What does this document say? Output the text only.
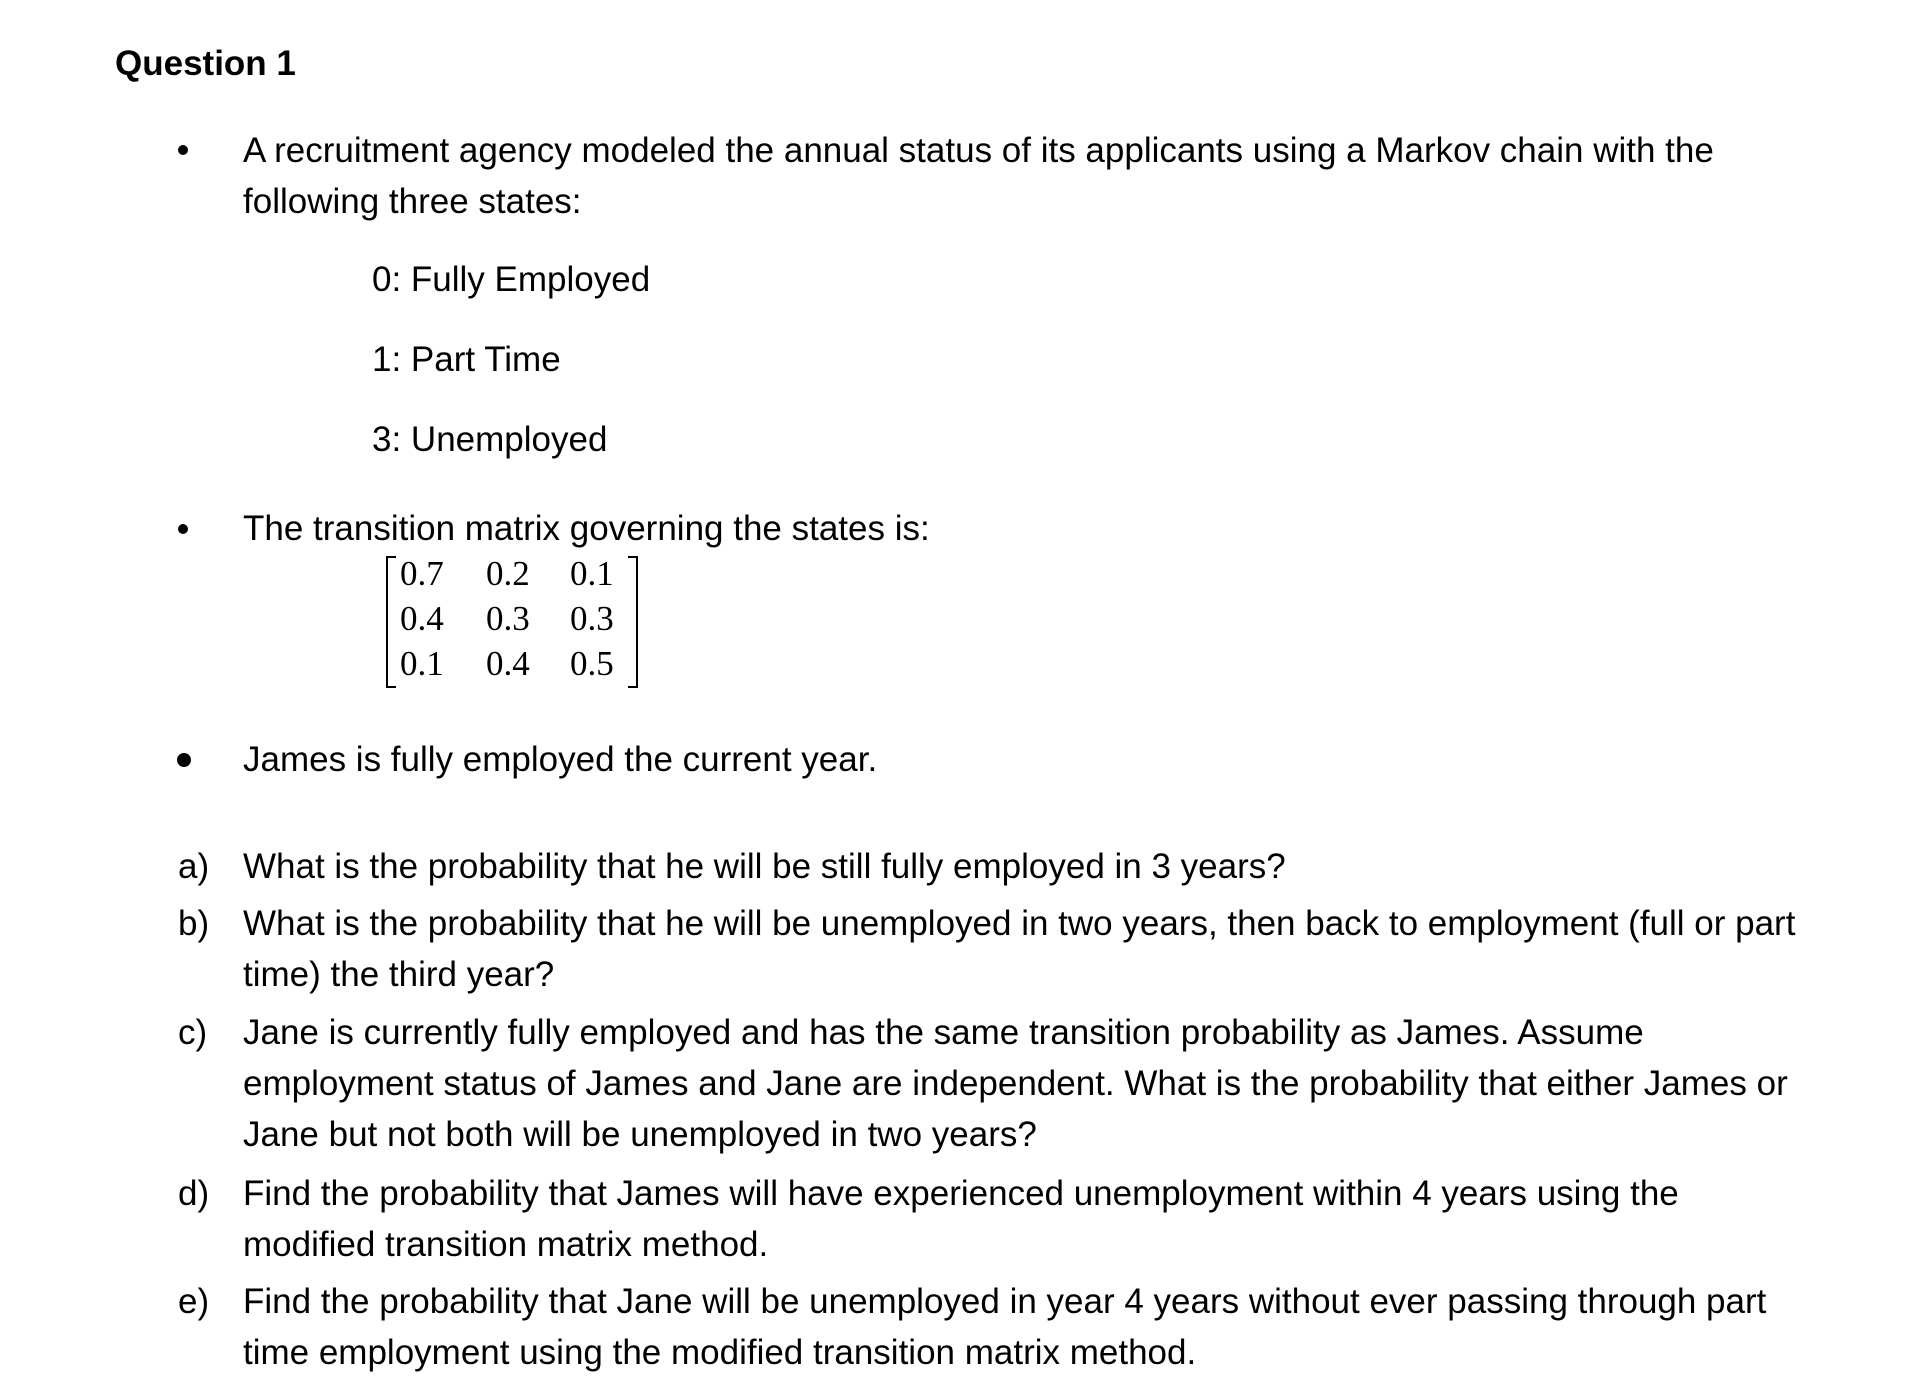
Question 1
A recruitment agency modeled the annual status of its applicants using a Markov chain with the following three states:
0: Fully Employed
1: Part Time
3: Unemployed
The transition matrix governing the states is:
0.7 0.2 0.1
0.4 0.3 0.3
0.1 0.4 0.5
James is fully employed the current year.
a) What is the probability that he will be still fully employed in 3 years?
b) What is the probability that he will be unemployed in two years, then back to employment (full or part time) the third year?
c) Jane is currently fully employed and has the same transition probability as James. Assume employment status of James and Jane are independent. What is the probability that either James or Jane but not both will be unemployed in two years?
d) Find the probability that James will have experienced unemployment within 4 years using the modified transition matrix method.
e) Find the probability that Jane will be unemployed in year 4 years without ever passing through part time employment using the modified transition matrix method.
